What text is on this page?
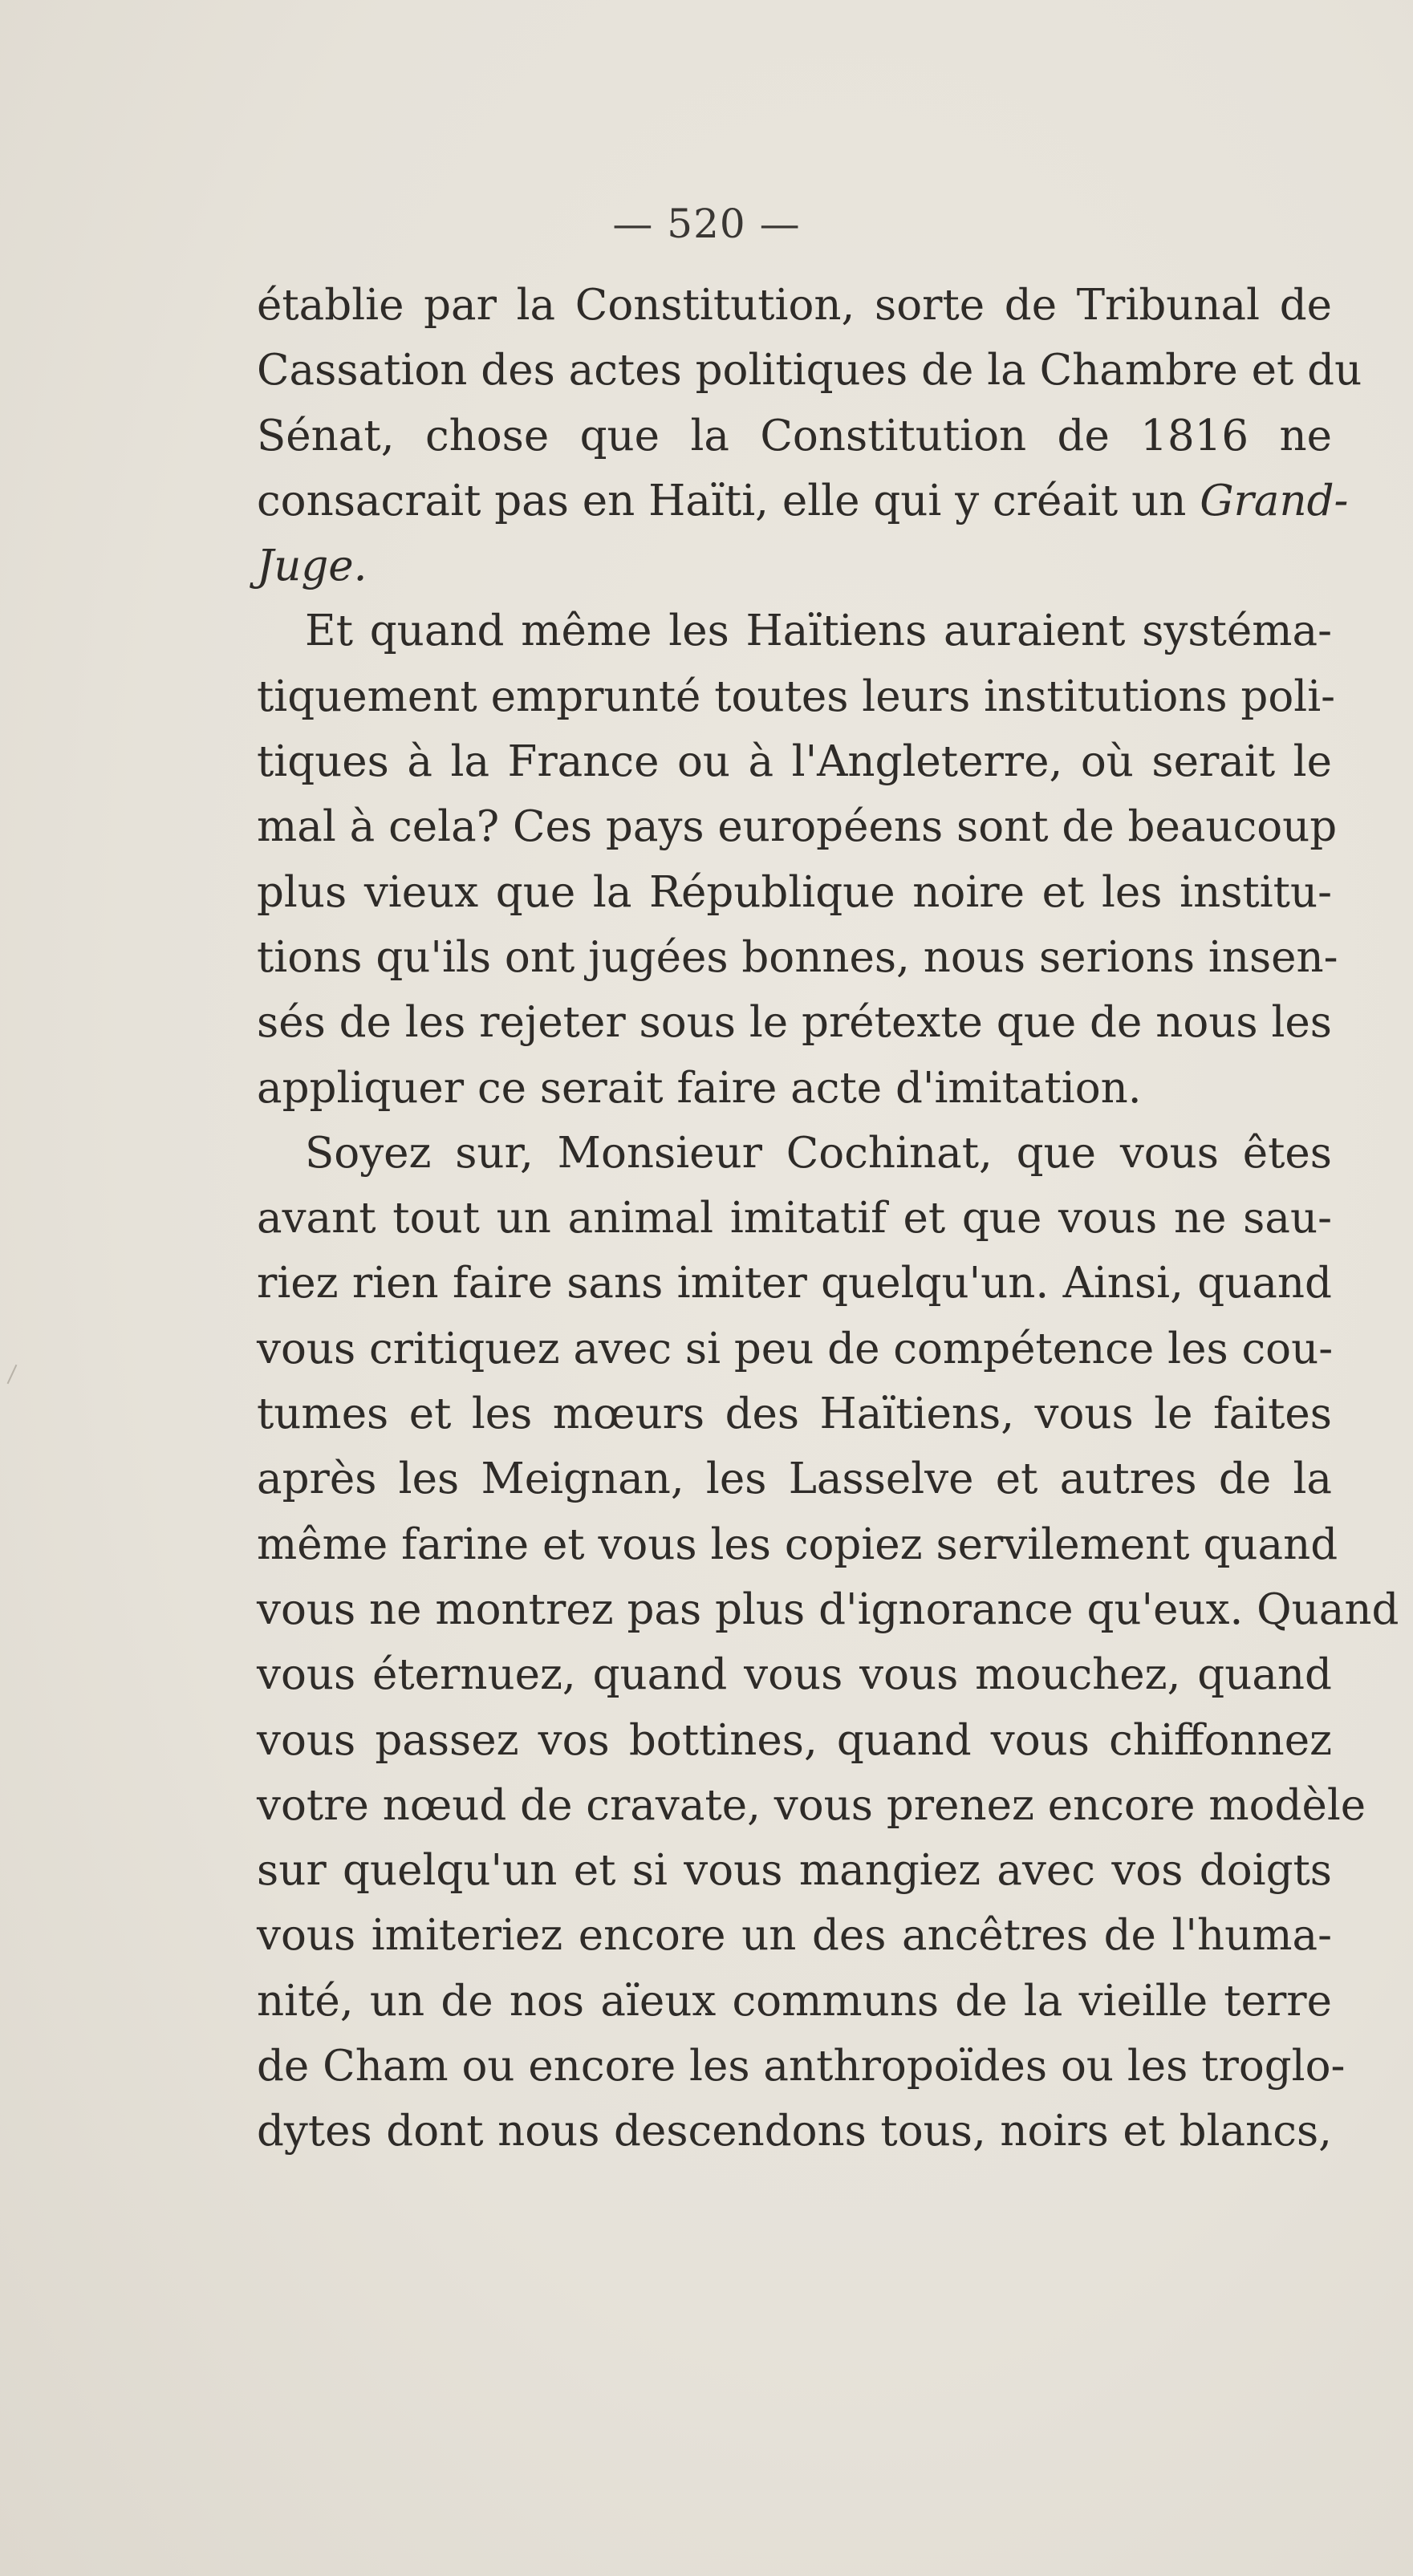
— 520 —
établie par la Constitution, sorte de Tribunal de
Cassation des actes politiques de la Chambre et du
Sénat, chose que la Constitution de 1816 ne
consacrait pas en Haïti, elle qui y créait un Grand-
Juge.
Et quand même les Haïtiens auraient systéma-
tiquement emprunté toutes leurs institutions poli-
tiques à la France ou à l'Angleterre, où serait le
mal à cela? Ces pays européens sont de beaucoup
plus vieux que la République noire et les institu-
tions qu'ils ont jugées bonnes, nous serions insen-
sés de les rejeter sous le prétexte que de nous les
appliquer ce serait faire acte d'imitation.
Soyez sur, Monsieur Cochinat, que vous êtes
avant tout un animal imitatif et que vous ne sau-
riez rien faire sans imiter quelqu'un. Ainsi, quand
vous critiquez avec si peu de compétence les cou-
tumes et les mœurs des Haïtiens, vous le faites
après les Meignan, les Lasselve et autres de la
même farine et vous les copiez servilement quand
vous ne montrez pas plus d'ignorance qu'eux. Quand
vous éternuez, quand vous vous mouchez, quand
vous passez vos bottines, quand vous chiffonnez
votre nœud de cravate, vous prenez encore modèle
sur quelqu'un et si vous mangiez avec vos doigts
vous imiteriez encore un des ancêtres de l'huma-
nité, un de nos aïeux communs de la vieille terre
de Cham ou encore les anthropoïdes ou les troglo-
dytes dont nous descendons tous, noirs et blancs,
